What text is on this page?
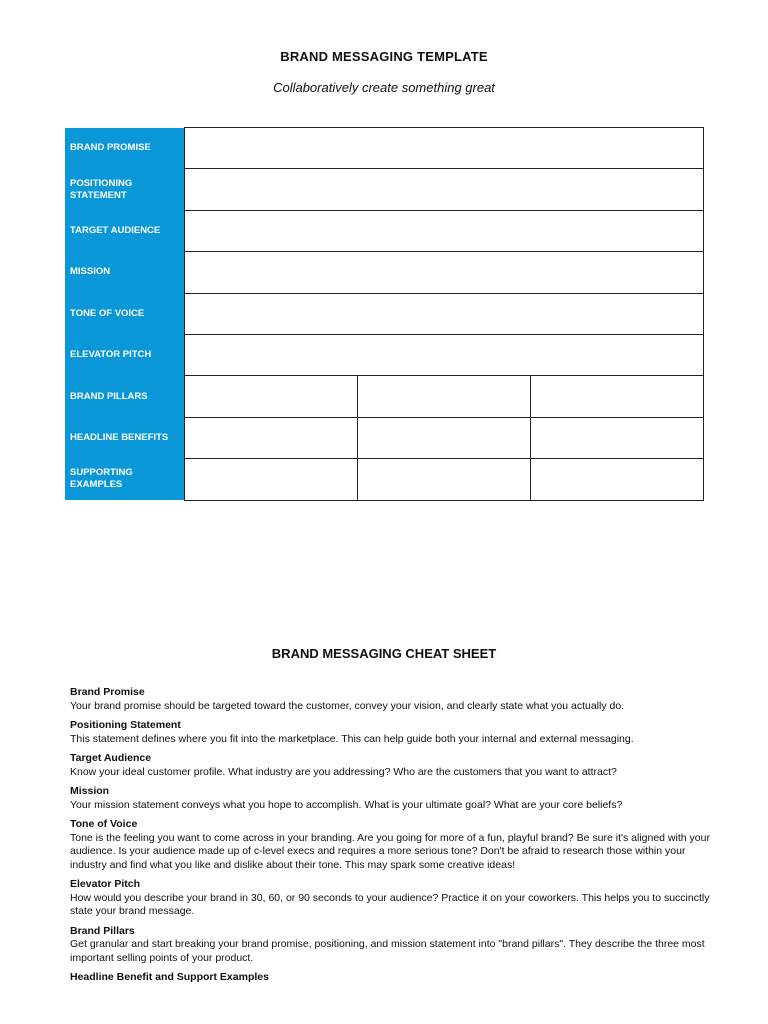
BRAND MESSAGING TEMPLATE
Collaboratively create something great
BRAND PROMISE			
POSITIONING STATEMENT			
TARGET AUDIENCE			
MISSION			
TONE OF VOICE			
ELEVATOR PITCH			
BRAND PILLARS			
HEADLINE BENEFITS			
SUPPORTING EXAMPLES			
BRAND MESSAGING CHEAT SHEET
Brand Promise

Your brand promise should be targeted toward the customer, convey your vision, and clearly state what you actually do.

Positioning Statement

This statement defines where you fit into the marketplace. This can help guide both your internal and external messaging.

Target Audience

Know your ideal customer profile. What industry are you addressing? Who are the customers that you want to attract?

Mission

Your mission statement conveys what you hope to accomplish. What is your ultimate goal? What are your core beliefs?

Tone of Voice

Tone is the feeling you want to come across in your branding. Are you going for more of a fun, playful brand? Be sure it's aligned with your audience. Is your audience made up of c-level execs and requires a more serious tone? Don't be afraid to research those within your industry and find what you like and dislike about their tone. This may spark some creative ideas!

Elevator Pitch

How would you describe your brand in 30, 60, or 90 seconds to your audience? Practice it on your coworkers. This helps you to succinctly state your brand message.

Brand Pillars

Get granular and start breaking your brand promise, positioning, and mission statement into "brand pillars". They describe the three most important selling points of your product.

Headline Benefit and Support Examples
